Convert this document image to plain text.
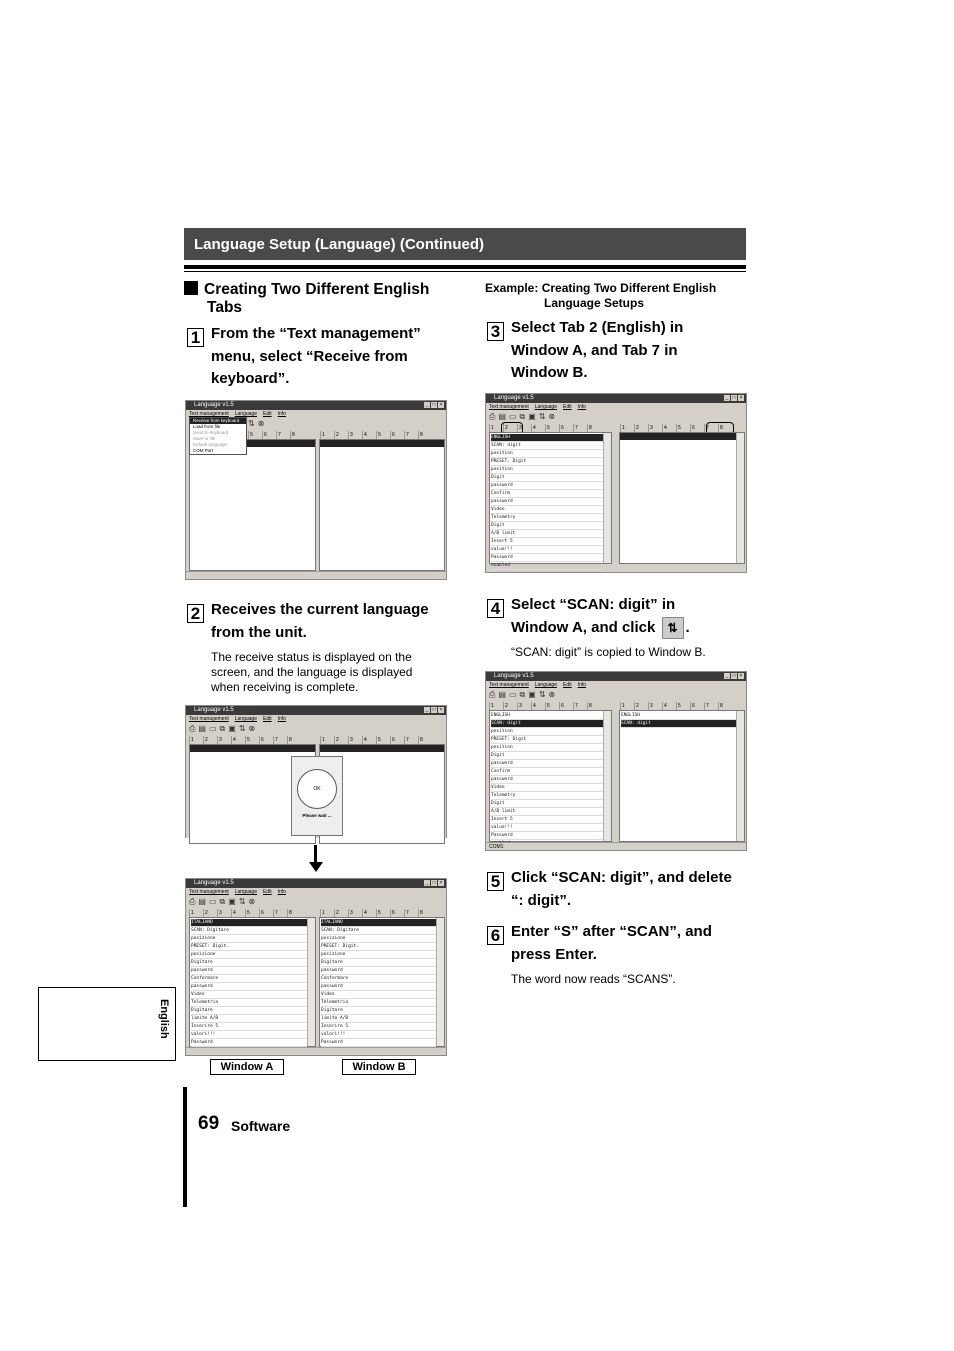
Language Setup (Language) (Continued)
Creating Two Different English
Tabs
Example: Creating Two Different English
Language Setups
1 From the “Text management”
menu, select “Receive from
keyboard”.
Language v1.5	_ □ ×
Text management Language Edit Info
⇅ ⊗
5 6 7 8	1 2 3 4 5 6 7 8
Receive from keyboard
Load from file
Send to keyboard
Save to file
Default language
COM Port
2 Receives the current language
from the unit.
The receive status is displayed on the
screen, and the language is displayed
when receiving is complete.
Language v1.5	_ □ ×
Text management Language Edit Info
⎙ ▤ ▭ ⧉ ▣ ⇅ ⊗
1 2 3 4 5 6 7 8	1 2 3 4 5 6 7 8
OK
Please wait ...
Language v1.5	_ □ ×
Text management Language Edit Info
⎙ ▤ ▭ ⧉ ▣ ⇅ ⊗
1 2 3 4 5 6 7 8	1 2 3 4 5 6 7 8
ITALIANO
SCAN: Digitare
posizione
PRESET: Digit.
posizione
Digitare
password
Confermare
password
Video
Telemetria
Digitare
limite A/B
Inserire 5
valori!!!
Password
ITALIANO
SCAN: Digitare
posizione
PRESET: Digit.
posizione
Digitare
password
Confermare
password
Video
Telemetria
Digitare
limite A/B
Inserire 5
valori!!!
Password
Window A	Window B
3 Select Tab 2 (English) in
Window A, and Tab 7 in
Window B.
Language v1.5	_ □ ×
Text management Language Edit Info
⎙ ▤ ▭ ⧉ ▣ ⇅ ⊗
1 2 3 4 5 6 7 8	1 2 3 4 5 6 7 8
ENGLISH
SCAN: digit
position
PRESET: Digit
position
Digit
password
Confirm
password
Video
Telemetry
Digit
A/B limit
Insert 5
value!!!
Password
enabled
4 Select “SCAN: digit” in
Window A, and click ⇅ .
“SCAN: digit” is copied to Window B.
Language v1.5	_ □ ×
Text management Language Edit Info
⎙ ▤ ▭ ⧉ ▣ ⇅ ⊗
1 2 3 4 5 6 7 8	1 2 3 4 5 6 7 8
ENGLISH
SCAN: digit
position
PRESET: Digit
position
Digit
password
Confirm
password
Video
Telemetry
Digit
A/B limit
Insert 5
value!!!
Password
ENGLISH
SCAN: digit
COM1
5 Click “SCAN: digit”, and delete
“: digit”.
6 Enter “S” after “SCAN”, and
press Enter.
The word now reads “SCANS”.
English
69 Software
